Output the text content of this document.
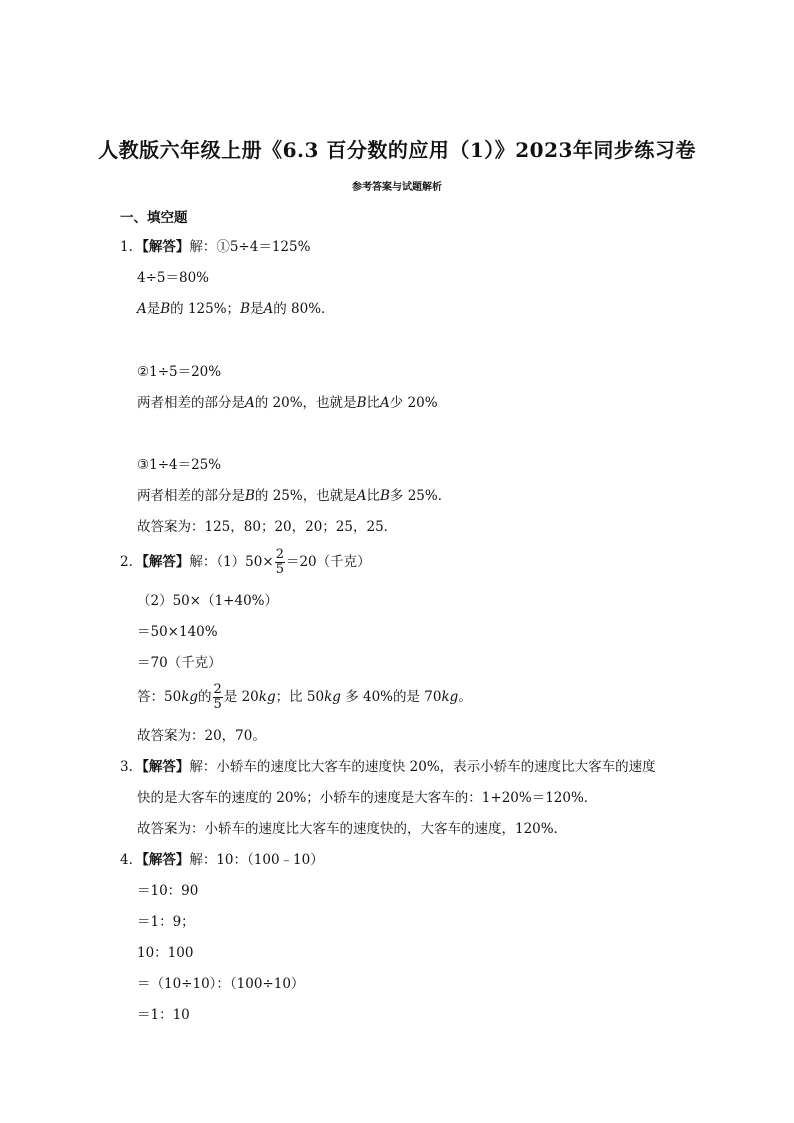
人教版六年级上册《6.3 百分数的应用（1）》2023年同步练习卷
参考答案与试题解析
一、填空题
1．【解答】解：①5÷4＝125%
4÷5＝80%
A是B的 125%；B是A的 80%．
②1÷5＝20%
两者相差的部分是A的 20%，也就是B比A少 20%
③1÷4＝25%
两者相差的部分是B的 25%，也就是A比B多 25%．
故答案为：125，80；20，20；25，25．
2．【解答】解：$(1)50\times \frac{2}{5} =20$（千克）
（2）50×（1+40%）
＝50×140%
＝70（千克）
答：50kg的 $\frac{2}{5}$ 是 20kg；比 50kg 多 40%的是 70kg。
故答案为：20，70。
3．【解答】解：小轿车的速度比大客车的速度快 20%，表示小轿车的速度比大客车的速度
快的是大客车的速度的 20%；小轿车的速度是大客车的：1+20%＝120%．
故答案为：小轿车的速度比大客车的速度快的，大客车的速度，120%．
4．【解答】解：10：（100﹣10）
＝10：90
＝1：9；
10：100
＝（10÷10）：（100÷10）
＝1：10
